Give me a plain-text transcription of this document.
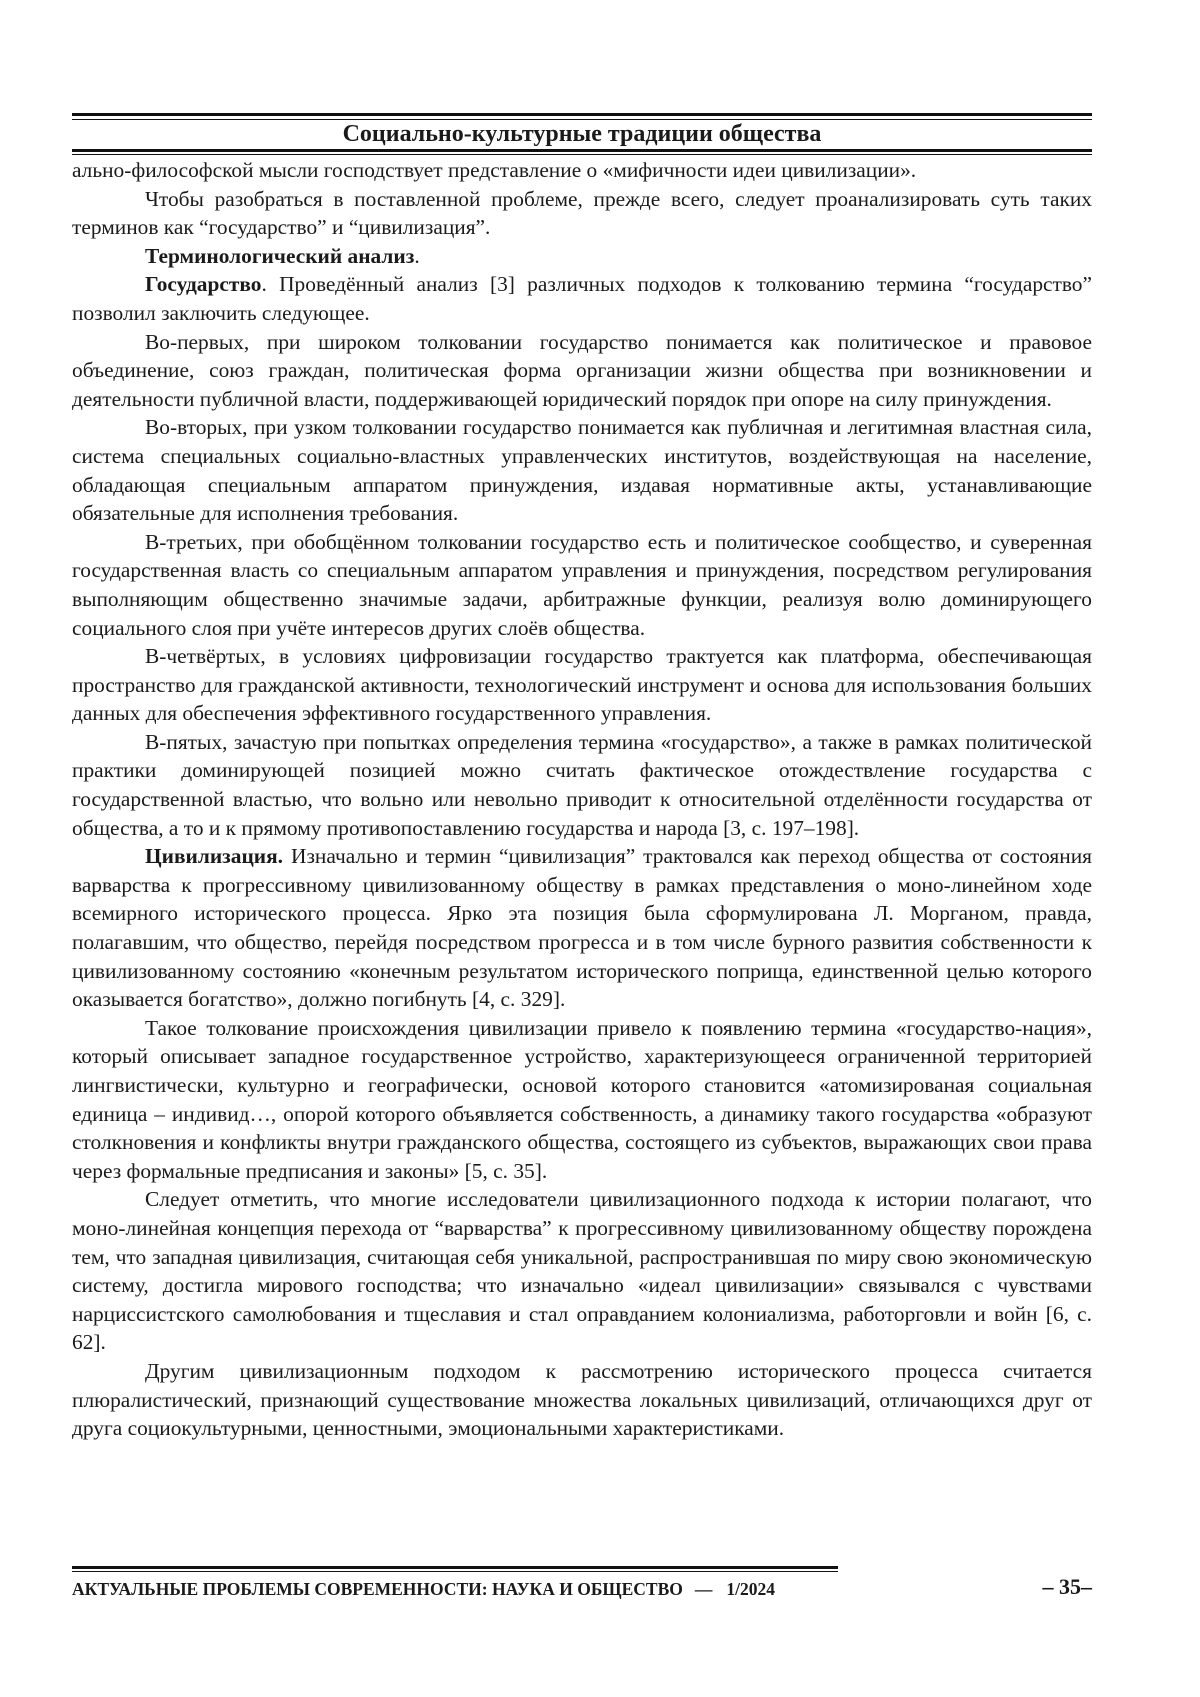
Социально-культурные традиции общества

ально-философской мысли господствует представление о «мифичности идеи цивилизации».

Чтобы разобраться в поставленной проблеме, прежде всего, следует проанализировать суть таких терминов как “государство” и “цивилизация”.

Терминологический анализ.

Государство. Проведённый анализ [3] различных подходов к толкованию термина “государство” позволил заключить следующее.

Во-первых, при широком толковании государство понимается как политическое и правовое объединение, союз граждан, политическая форма организации жизни общества при возникновении и деятельности публичной власти, поддерживающей юридический порядок при опоре на силу принуждения.

Во-вторых, при узком толковании государство понимается как публичная и легитимная властная сила, система специальных социально-властных управленческих институтов, воздействующая на население, обладающая специальным аппаратом принуждения, издавая нормативные акты, устанавливающие обязательные для исполнения требования.

В-третьих, при обобщённом толковании государство есть и политическое сообщество, и суверенная государственная власть со специальным аппаратом управления и принуждения, посредством регулирования выполняющим общественно значимые задачи, арбитражные функции, реализуя волю доминирующего социального слоя при учёте интересов других слоёв общества.

В-четвёртых, в условиях цифровизации государство трактуется как платформа, обеспечивающая пространство для гражданской активности, технологический инструмент и основа для использования больших данных для обеспечения эффективного государственного управления.

В-пятых, зачастую при попытках определения термина «государство», а также в рамках политической практики доминирующей позицией можно считать фактическое отождествление государства с государственной властью, что вольно или невольно приводит к относительной отделённости государства от общества, а то и к прямому противопоставлению государства и народа [3, с. 197–198].

Цивилизация. Изначально и термин “цивилизация” трактовался как переход общества от состояния варварства к прогрессивному цивилизованному обществу в рамках представления о моно-линейном ходе всемирного исторического процесса. Ярко эта позиция была сформулирована Л. Морганом, правда, полагавшим, что общество, перейдя посредством прогресса и в том числе бурного развития собственности к цивилизованному состоянию «конечным результатом исторического поприща, единственной целью которого оказывается богатство», должно погибнуть [4, с. 329].

Такое толкование происхождения цивилизации привело к появлению термина «государство-нация», который описывает западное государственное устройство, характеризующееся ограниченной территорией лингвистически, культурно и географически, основой которого становится «атомизированая социальная единица – индивид…, опорой которого объявляется собственность, а динамику такого государства «образуют столкновения и конфликты внутри гражданского общества, состоящего из субъектов, выражающих свои права через формальные предписания и законы» [5, с. 35].

Следует отметить, что многие исследователи цивилизационного подхода к истории полагают, что моно-линейная концепция перехода от “варварства” к прогрессивному цивилизованному обществу порождена тем, что западная цивилизация, считающая себя уникальной, распространившая по миру свою экономическую систему, достигла мирового господства; что изначально «идеал цивилизации» связывался с чувствами нарциссистского самолюбования и тщеславия и стал оправданием колониализма, работорговли и войн [6, с. 62].

Другим цивилизационным подходом к рассмотрению исторического процесса считается плюралистический, признающий существование множества локальных цивилизаций, отличающихся друг от друга социокультурными, ценностными, эмоциональными характеристиками.

АКТУАЛЬНЫЕ ПРОБЛЕМЫ СОВРЕМЕННОСТИ: НАУКА И ОБЩЕСТВО — 1/2024	– 35–
